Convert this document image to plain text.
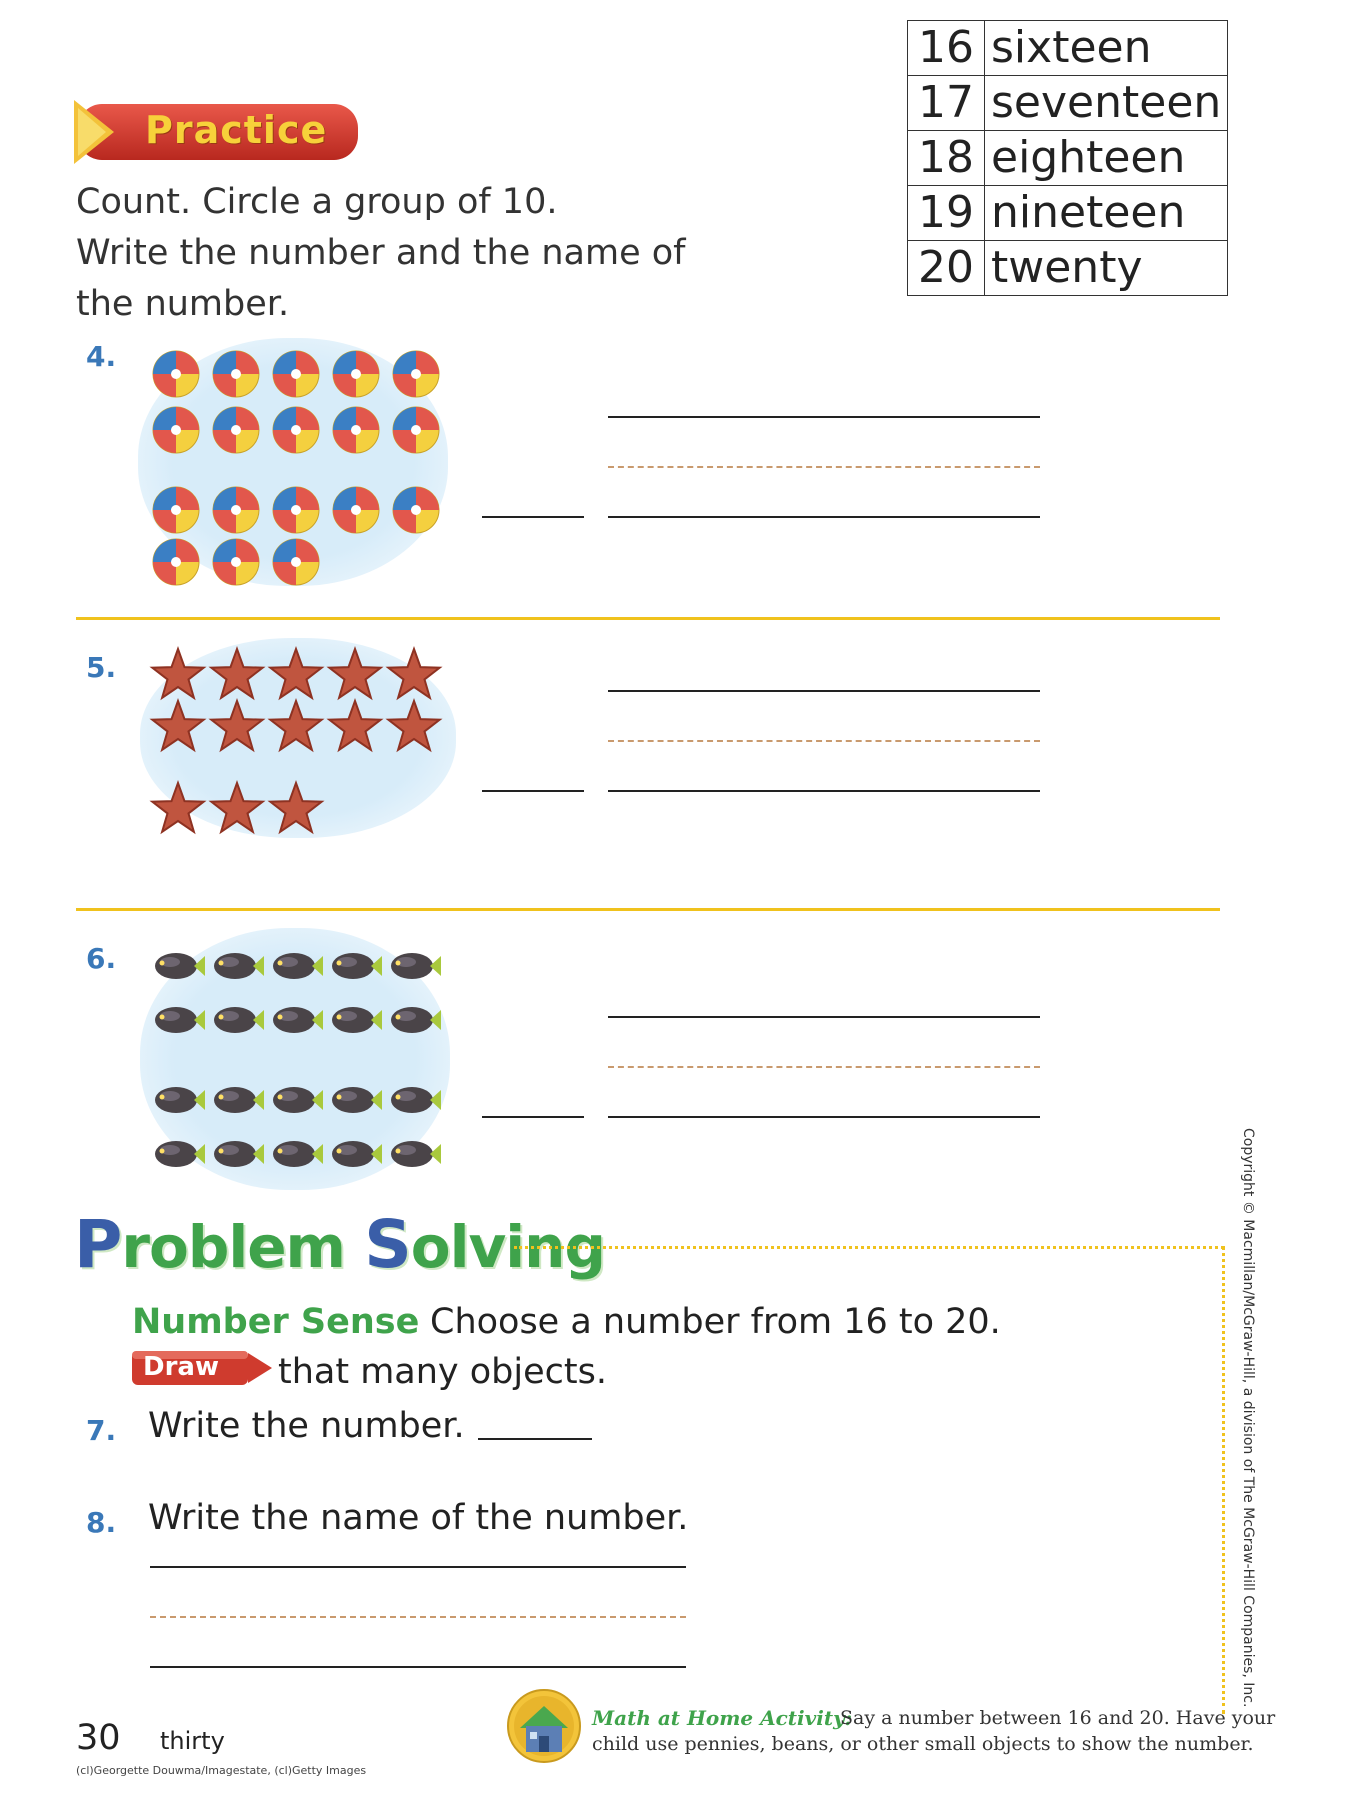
16	sixteen
17	seventeen
18	eighteen
19	nineteen
20	twenty
Practice
Count. Circle a group of 10.
Write the number and the name of
the number.
4.
5.
6.
Problem Solving
Number Sense Choose a number from 16 to 20.
Draw that many objects.
7. Write the number.
8. Write the name of the number.
30 thirty
(cl)Georgette Douwma/Imagestate, (cl)Getty Images
Copyright © Macmillan/McGraw-Hill, a division of The McGraw-Hill Companies, Inc.
Math at Home Activity:
Say a number between 16 and 20. Have your
child use pennies, beans, or other small objects to show the number.
